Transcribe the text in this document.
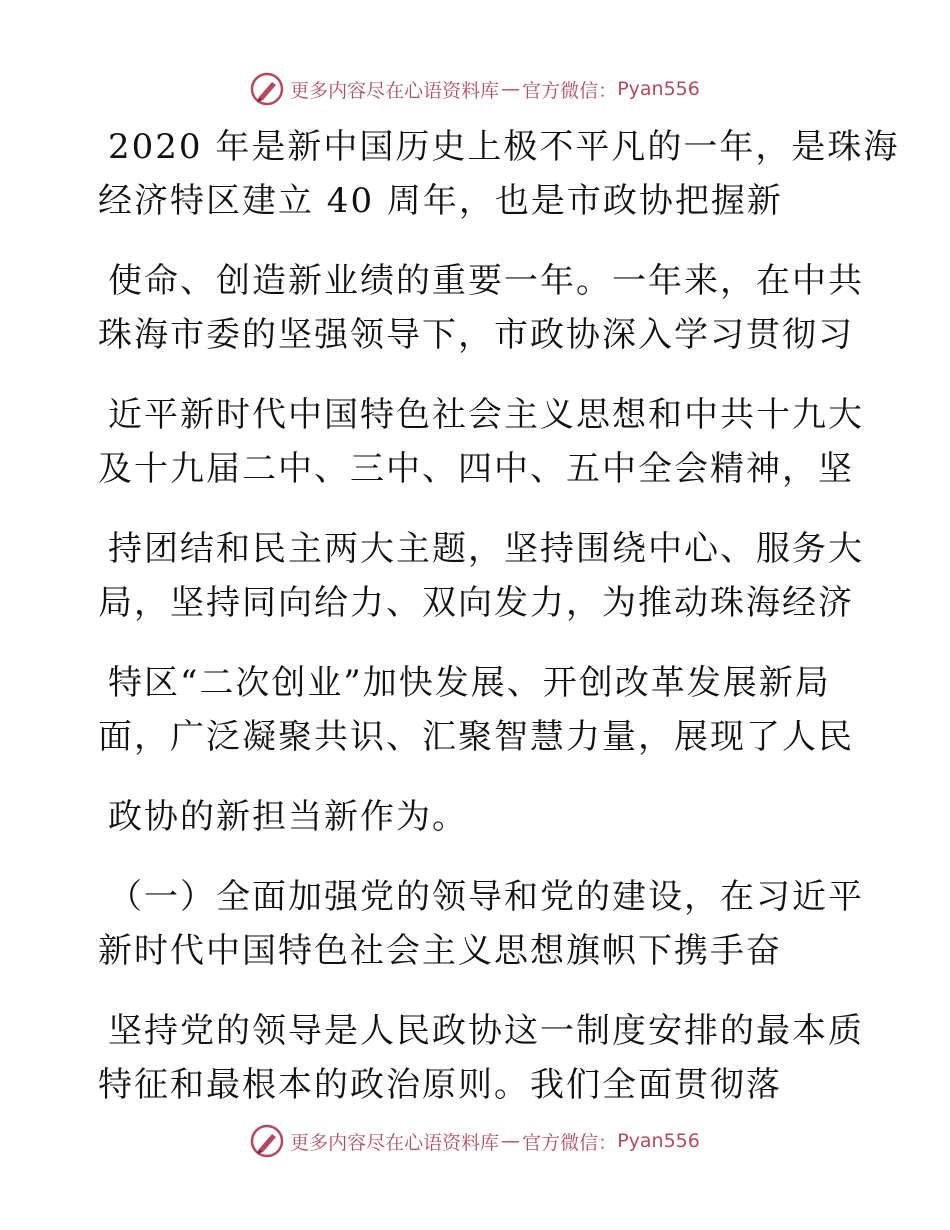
更多内容尽在心语资料库 — 官方微信： Pyan556
2020 年是新中国历史上极不平凡的一年，是珠海
经济特区建立 40 周年，也是市政协把握新
使命、创造新业绩的重要一年。一年来，在中共
珠海市委的坚强领导下，市政协深入学习贯彻习
近平新时代中国特色社会主义思想和中共十九大
及十九届二中、三中、四中、五中全会精神，坚
持团结和民主两大主题，坚持围绕中心、服务大
局，坚持同向给力、双向发力，为推动珠海经济
特区“二次创业”加快发展、开创改革发展新局
面，广泛凝聚共识、汇聚智慧力量，展现了人民
政协的新担当新作为。
（一）全面加强党的领导和党的建设，在习近平
新时代中国特色社会主义思想旗帜下携手奋
坚持党的领导是人民政协这一制度安排的最本质
特征和最根本的政治原则。我们全面贯彻落
更多内容尽在心语资料库 — 官方微信： Pyan556
